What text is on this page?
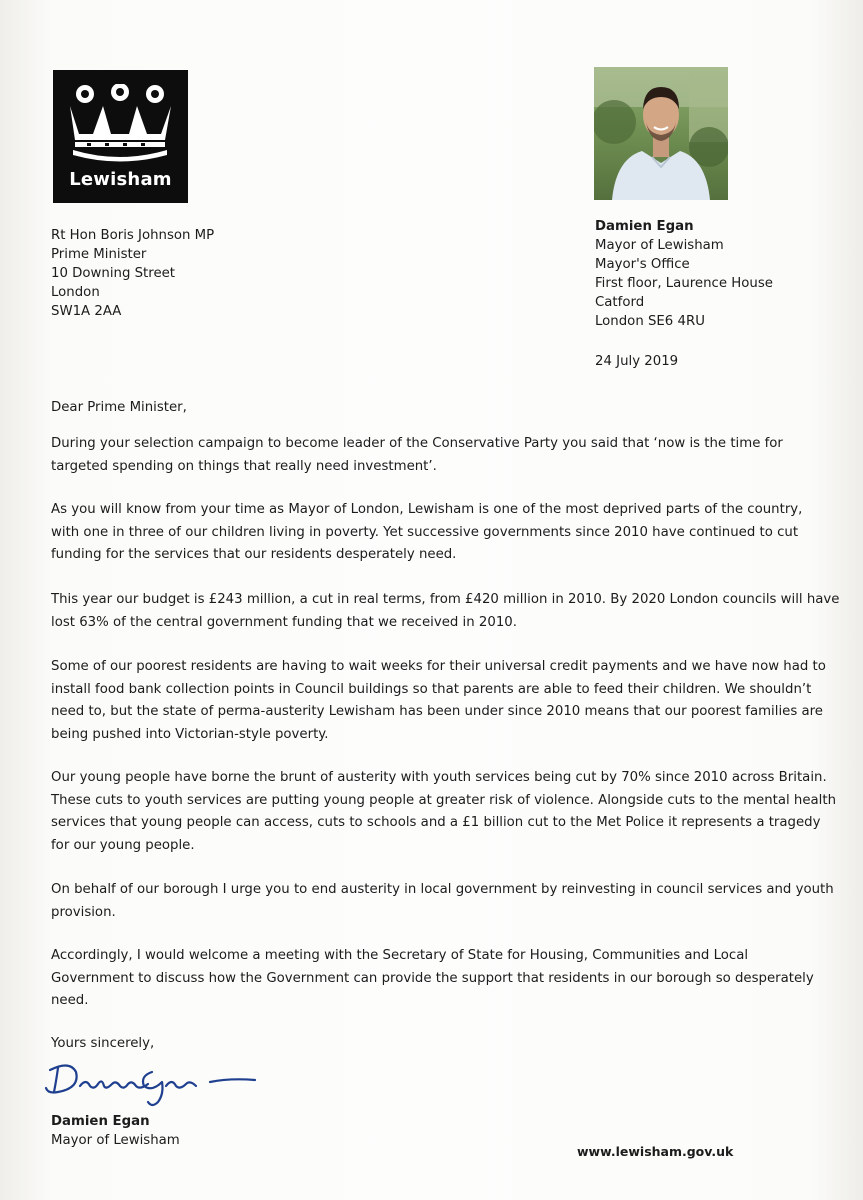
Lewisham
Rt Hon Boris Johnson MP
Prime Minister
10 Downing Street
London
SW1A 2AA
Damien Egan
Mayor of Lewisham
Mayor's Office
First floor, Laurence House
Catford
London SE6 4RU
24 July 2019
Dear Prime Minister,
During your selection campaign to become leader of the Conservative Party you said that ‘now is the time for
targeted spending on things that really need investment’.
As you will know from your time as Mayor of London, Lewisham is one of the most deprived parts of the country,
with one in three of our children living in poverty. Yet successive governments since 2010 have continued to cut
funding for the services that our residents desperately need.
This year our budget is £243 million, a cut in real terms, from £420 million in 2010. By 2020 London councils will have
lost 63% of the central government funding that we received in 2010.
Some of our poorest residents are having to wait weeks for their universal credit payments and we have now had to
install food bank collection points in Council buildings so that parents are able to feed their children. We shouldn’t
need to, but the state of perma-austerity Lewisham has been under since 2010 means that our poorest families are
being pushed into Victorian-style poverty.
Our young people have borne the brunt of austerity with youth services being cut by 70% since 2010 across Britain.
These cuts to youth services are putting young people at greater risk of violence. Alongside cuts to the mental health
services that young people can access, cuts to schools and a £1 billion cut to the Met Police it represents a tragedy
for our young people.
On behalf of our borough I urge you to end austerity in local government by reinvesting in council services and youth
provision.
Accordingly, I would welcome a meeting with the Secretary of State for Housing, Communities and Local
Government to discuss how the Government can provide the support that residents in our borough so desperately
need.
Yours sincerely,
Damien Egan
Mayor of Lewisham
www.lewisham.gov.uk
